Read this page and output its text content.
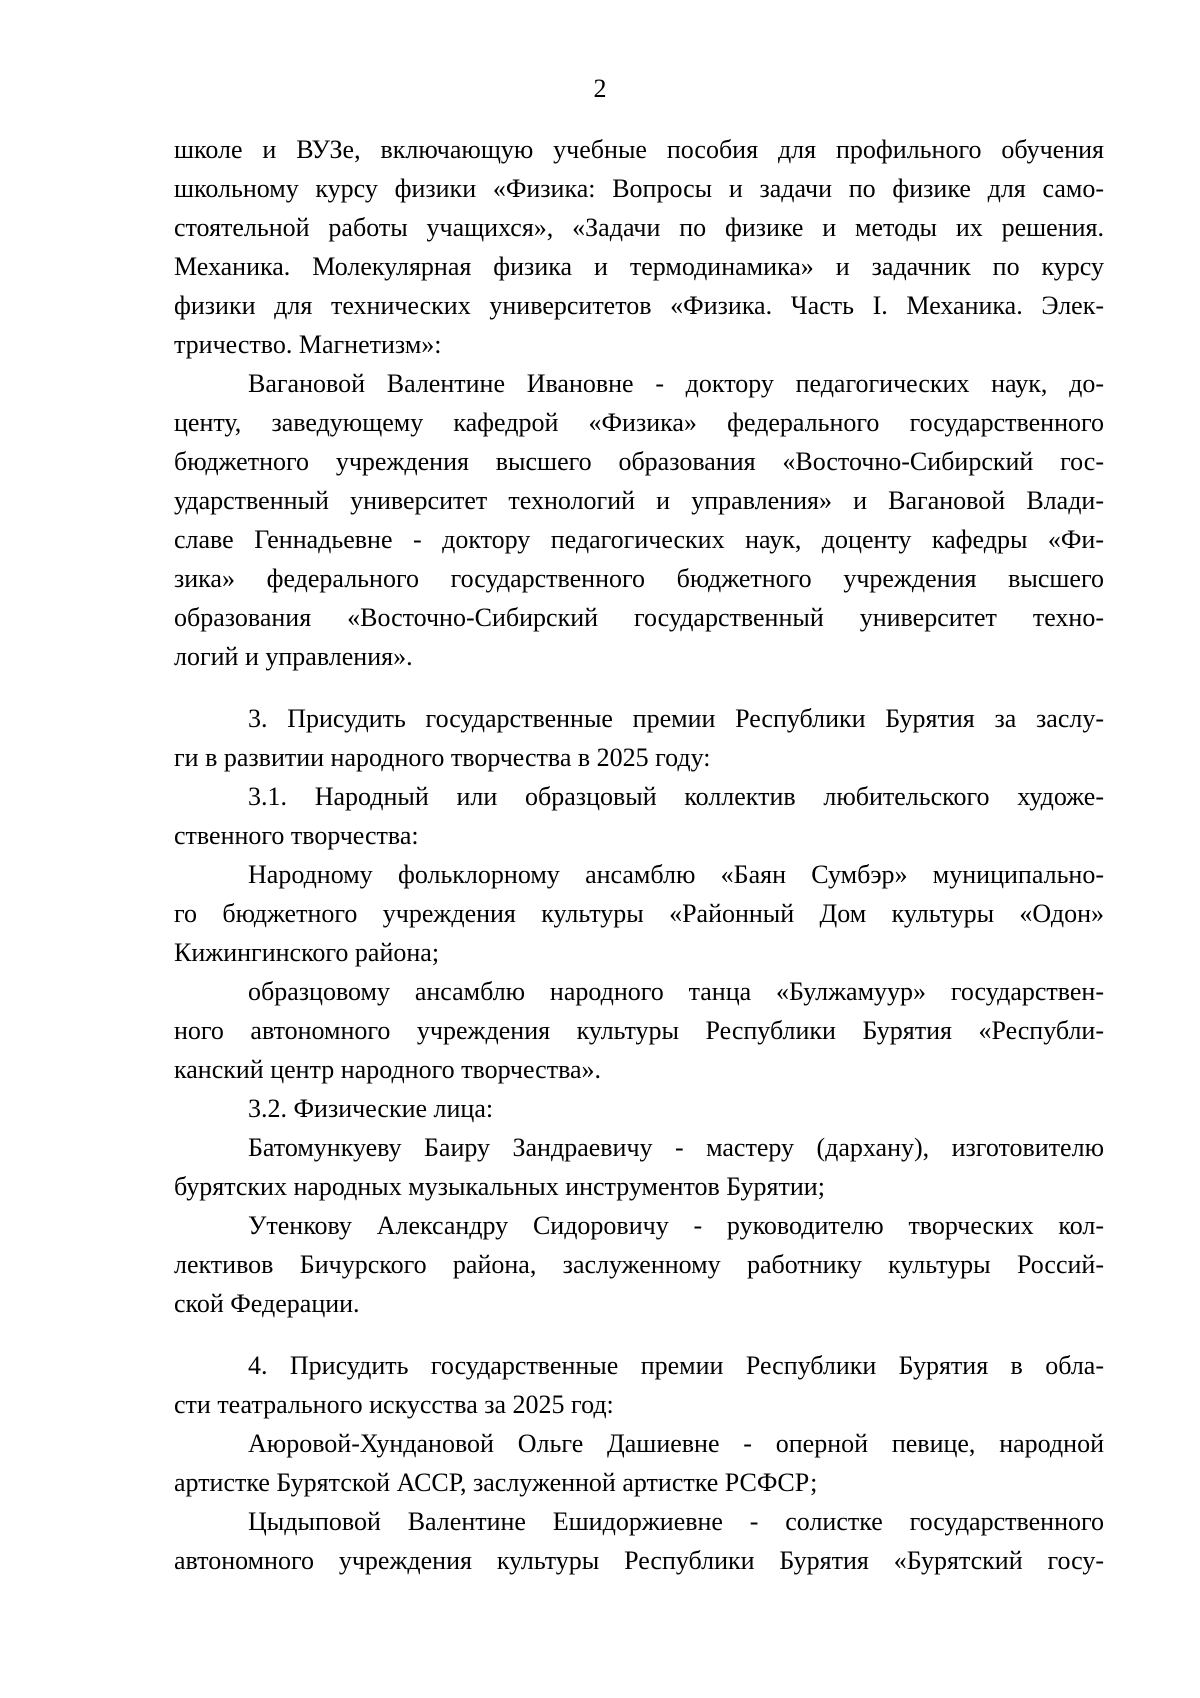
2
школе и ВУЗе, включающую учебные пособия для профильного обучения
школьному курсу физики «Физика: Вопросы и задачи по физике для само-
стоятельной работы учащихся», «Задачи по физике и методы их решения.
Механика. Молекулярная физика и термодинамика» и задачник по курсу
физики для технических университетов «Физика. Часть I. Механика. Элек-
тричество. Магнетизм»:
Вагановой Валентине Ивановне - доктору педагогических наук, до-
центу, заведующему кафедрой «Физика» федерального государственного
бюджетного учреждения высшего образования «Восточно-Сибирский гос-
ударственный университет технологий и управления» и Вагановой Влади-
славе Геннадьевне - доктору педагогических наук, доценту кафедры «Фи-
зика» федерального государственного бюджетного учреждения высшего
образования «Восточно-Сибирский государственный университет техно-
логий и управления».
3. Присудить государственные премии Республики Бурятия за заслу-
ги в развитии народного творчества в 2025 году:
3.1. Народный или образцовый коллектив любительского художе-
ственного творчества:
Народному фольклорному ансамблю «Баян Сумбэр» муниципально-
го бюджетного учреждения культуры «Районный Дом культуры «Одон»
Кижингинского района;
образцовому ансамблю народного танца «Булжамуур» государствен-
ного автономного учреждения культуры Республики Бурятия «Республи-
канский центр народного творчества».
3.2. Физические лица:
Батомункуеву Баиру Зандраевичу - мастеру (дархану), изготовителю
бурятских народных музыкальных инструментов Бурятии;
Утенкову Александру Сидоровичу - руководителю творческих кол-
лективов Бичурского района, заслуженному работнику культуры Россий-
ской Федерации.
4. Присудить государственные премии Республики Бурятия в обла-
сти театрального искусства за 2025 год:
Аюровой-Хундановой Ольге Дашиевне - оперной певице, народной
артистке Бурятской АССР, заслуженной артистке РСФСР;
Цыдыповой Валентине Ешидоржиевне - солистке государственного
автономного учреждения культуры Республики Бурятия «Бурятский госу-
